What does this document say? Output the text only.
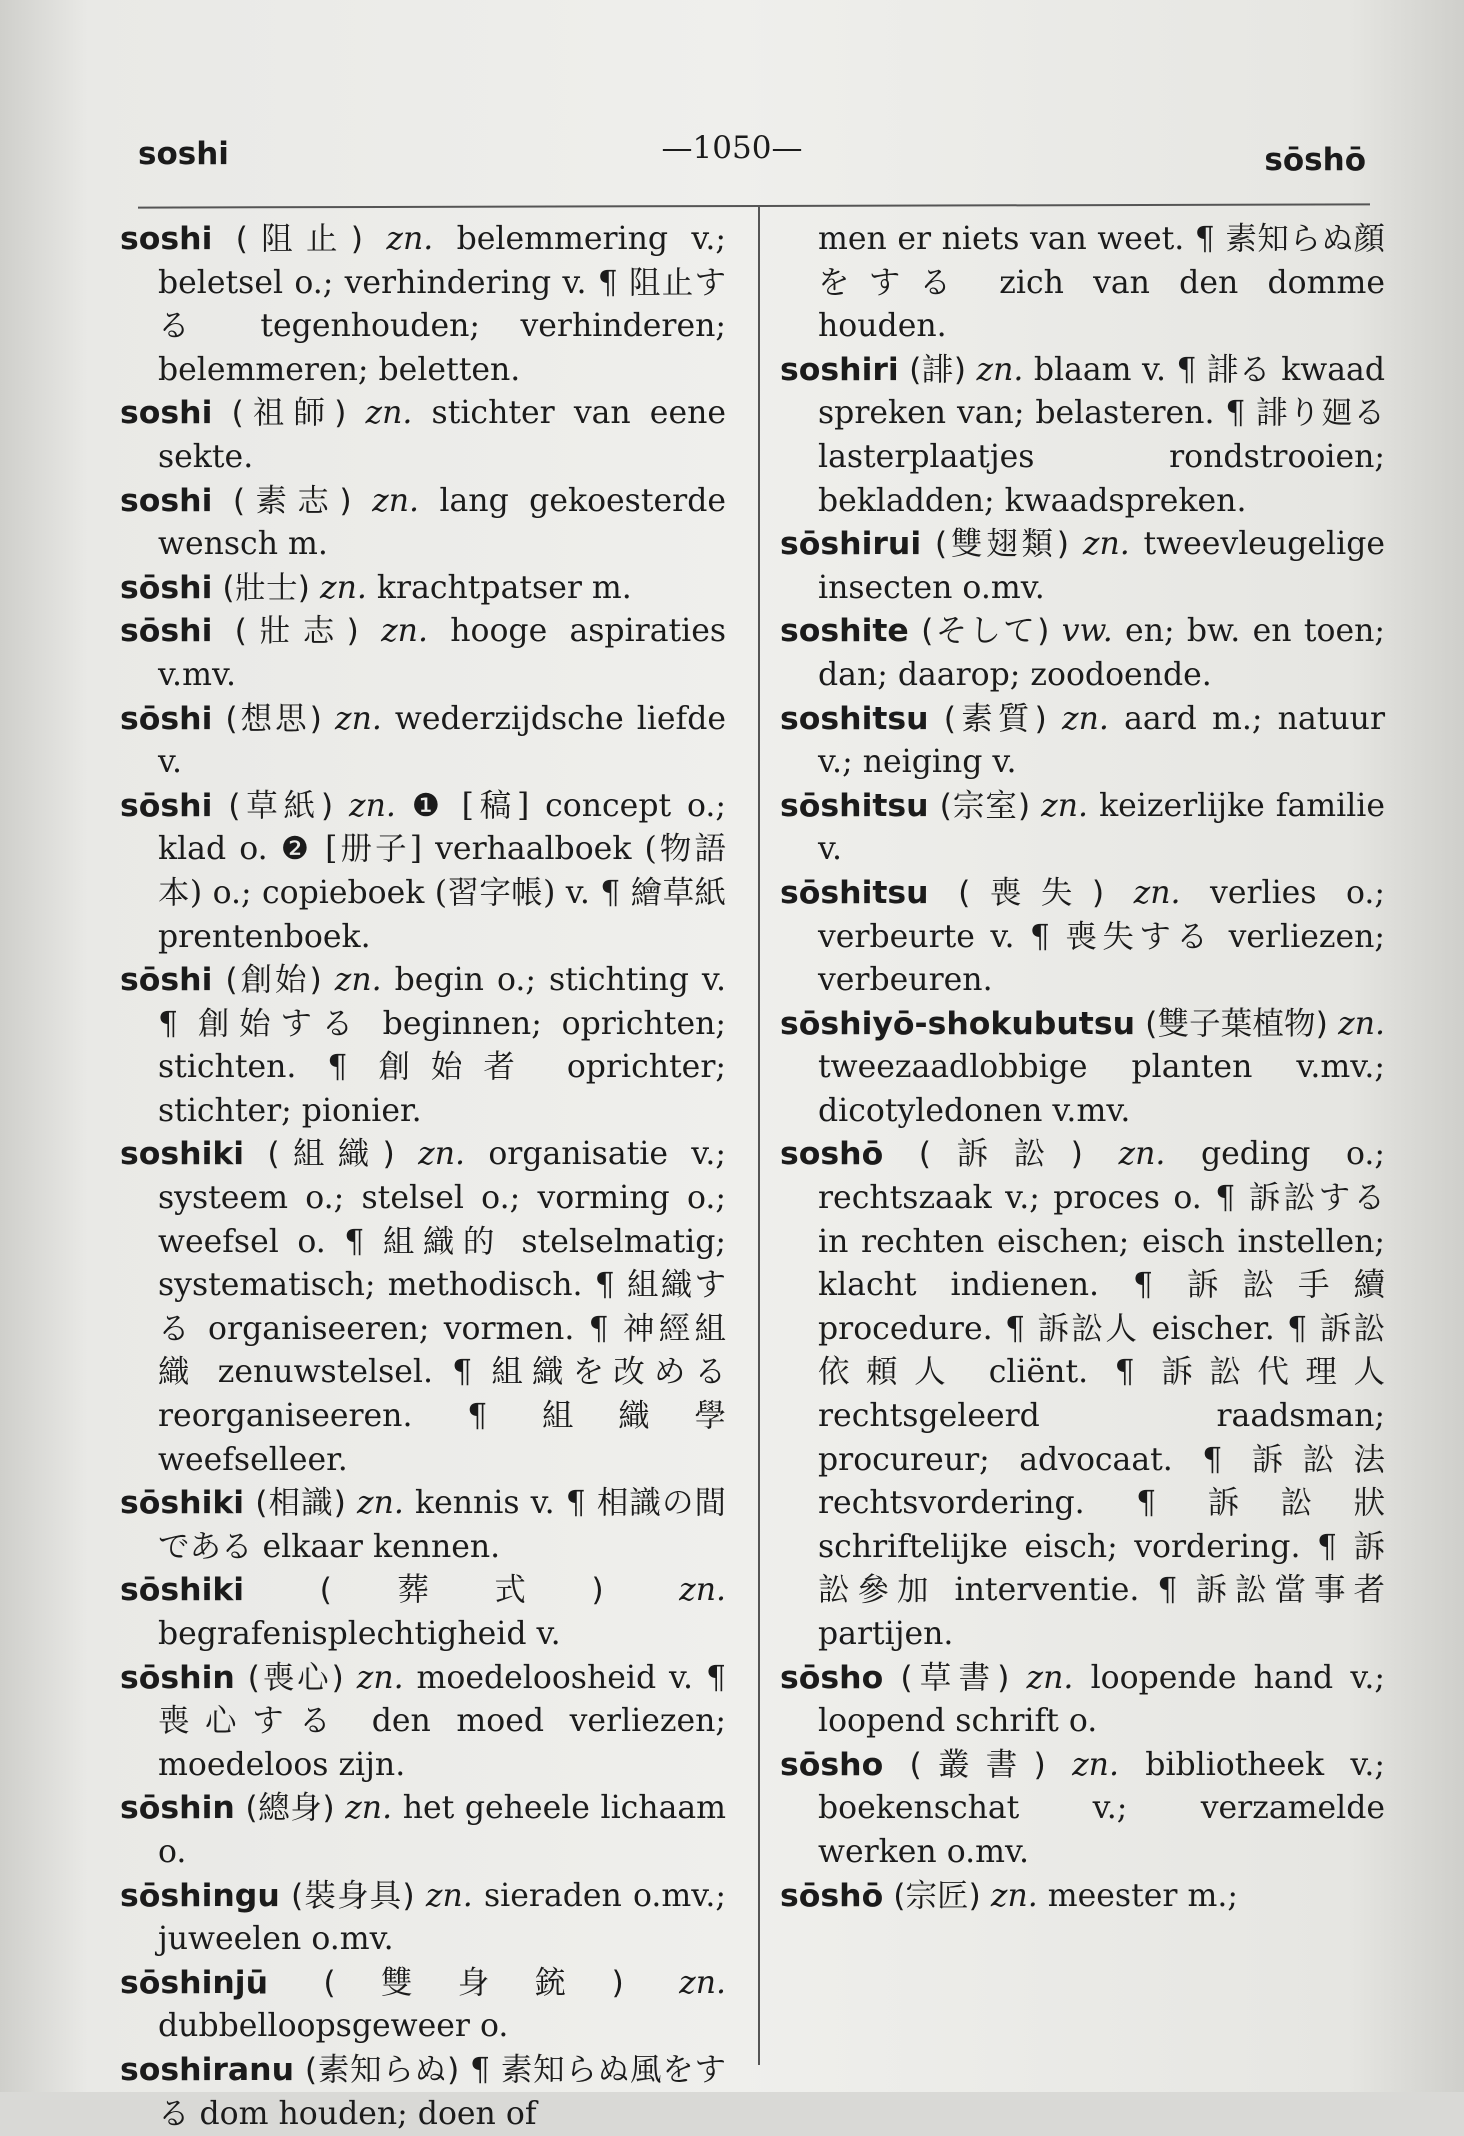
soshi	—1050—	sōshō

soshi (阻止) zn. belemmering v.; beletsel o.; verhindering v. ¶ 阻止する tegenhouden; verhinderen; belemmeren; beletten.

soshi (祖師) zn. stichter van eene sekte.

soshi (素志) zn. lang gekoesterde wensch m.

sōshi (壯士) zn. krachtpatser m.

sōshi (壯志) zn. hooge aspiraties v.mv.

sōshi (想思) zn. wederzijdsche liefde v.

sōshi (草紙) zn. ❶ [稿] concept o.; klad o. ❷ [册子] verhaalboek (物語本) o.; copieboek (習字帳) v. ¶ 繪草紙 prentenboek.

sōshi (創始) zn. begin o.; stichting v. ¶ 創始する beginnen; oprichten; stichten. ¶ 創始者 oprichter; stichter; pionier.

soshiki (組織) zn. organisatie v.; systeem o.; stelsel o.; vorming o.; weefsel o. ¶ 組織的 stelselmatig; systematisch; methodisch. ¶ 組織する organiseeren; vormen. ¶ 神經組織 zenuwstelsel. ¶ 組織を改める reorganiseeren. ¶ 組織學 weefselleer.

sōshiki (相識) zn. kennis v. ¶ 相識の間である elkaar kennen.

sōshiki (葬式) zn. begrafenisplechtigheid v.

sōshin (喪心) zn. moedeloosheid v. ¶ 喪心する den moed verliezen; moedeloos zijn.

sōshin (總身) zn. het geheele lichaam o.

sōshingu (裝身具) zn. sieraden o.mv.; juweelen o.mv.

sōshinjū (雙身銃) zn. dubbelloopsgeweer o.

soshiranu (素知らぬ) ¶ 素知らぬ風をする dom houden; doen of

men er niets van weet. ¶ 素知らぬ顔をする zich van den domme houden.

soshiri (誹) zn. blaam v. ¶ 誹る kwaad spreken van; belasteren. ¶ 誹り廻る lasterplaatjes rondstrooien; bekladden; kwaadspreken.

sōshirui (雙翅類) zn. tweevleugelige insecten o.mv.

soshite (そして) vw. en; bw. en toen; dan; daarop; zoodoende.

soshitsu (素質) zn. aard m.; natuur v.; neiging v.

sōshitsu (宗室) zn. keizerlijke familie v.

sōshitsu (喪失) zn. verlies o.; verbeurte v. ¶ 喪失する verliezen; verbeuren.

sōshiyō-shokubutsu (雙子葉植物) zn. tweezaadlobbige planten v.mv.; dicotyledonen v.mv.

soshō (訴訟) zn. geding o.; rechtszaak v.; proces o. ¶ 訴訟する in rechten eischen; eisch instellen; klacht indienen. ¶ 訴訟手續 procedure. ¶ 訴訟人 eischer. ¶ 訴訟依頼人 cliënt. ¶ 訴訟代理人 rechtsgeleerd raadsman; procureur; advocaat. ¶ 訴訟法 rechtsvordering. ¶ 訴訟狀 schriftelijke eisch; vordering. ¶ 訴訟參加 interventie. ¶ 訴訟當事者 partijen.

sōsho (草書) zn. loopende hand v.; loopend schrift o.

sōsho (叢書) zn. bibliotheek v.; boekenschat v.; verzamelde werken o.mv.

sōshō (宗匠) zn. meester m.;
